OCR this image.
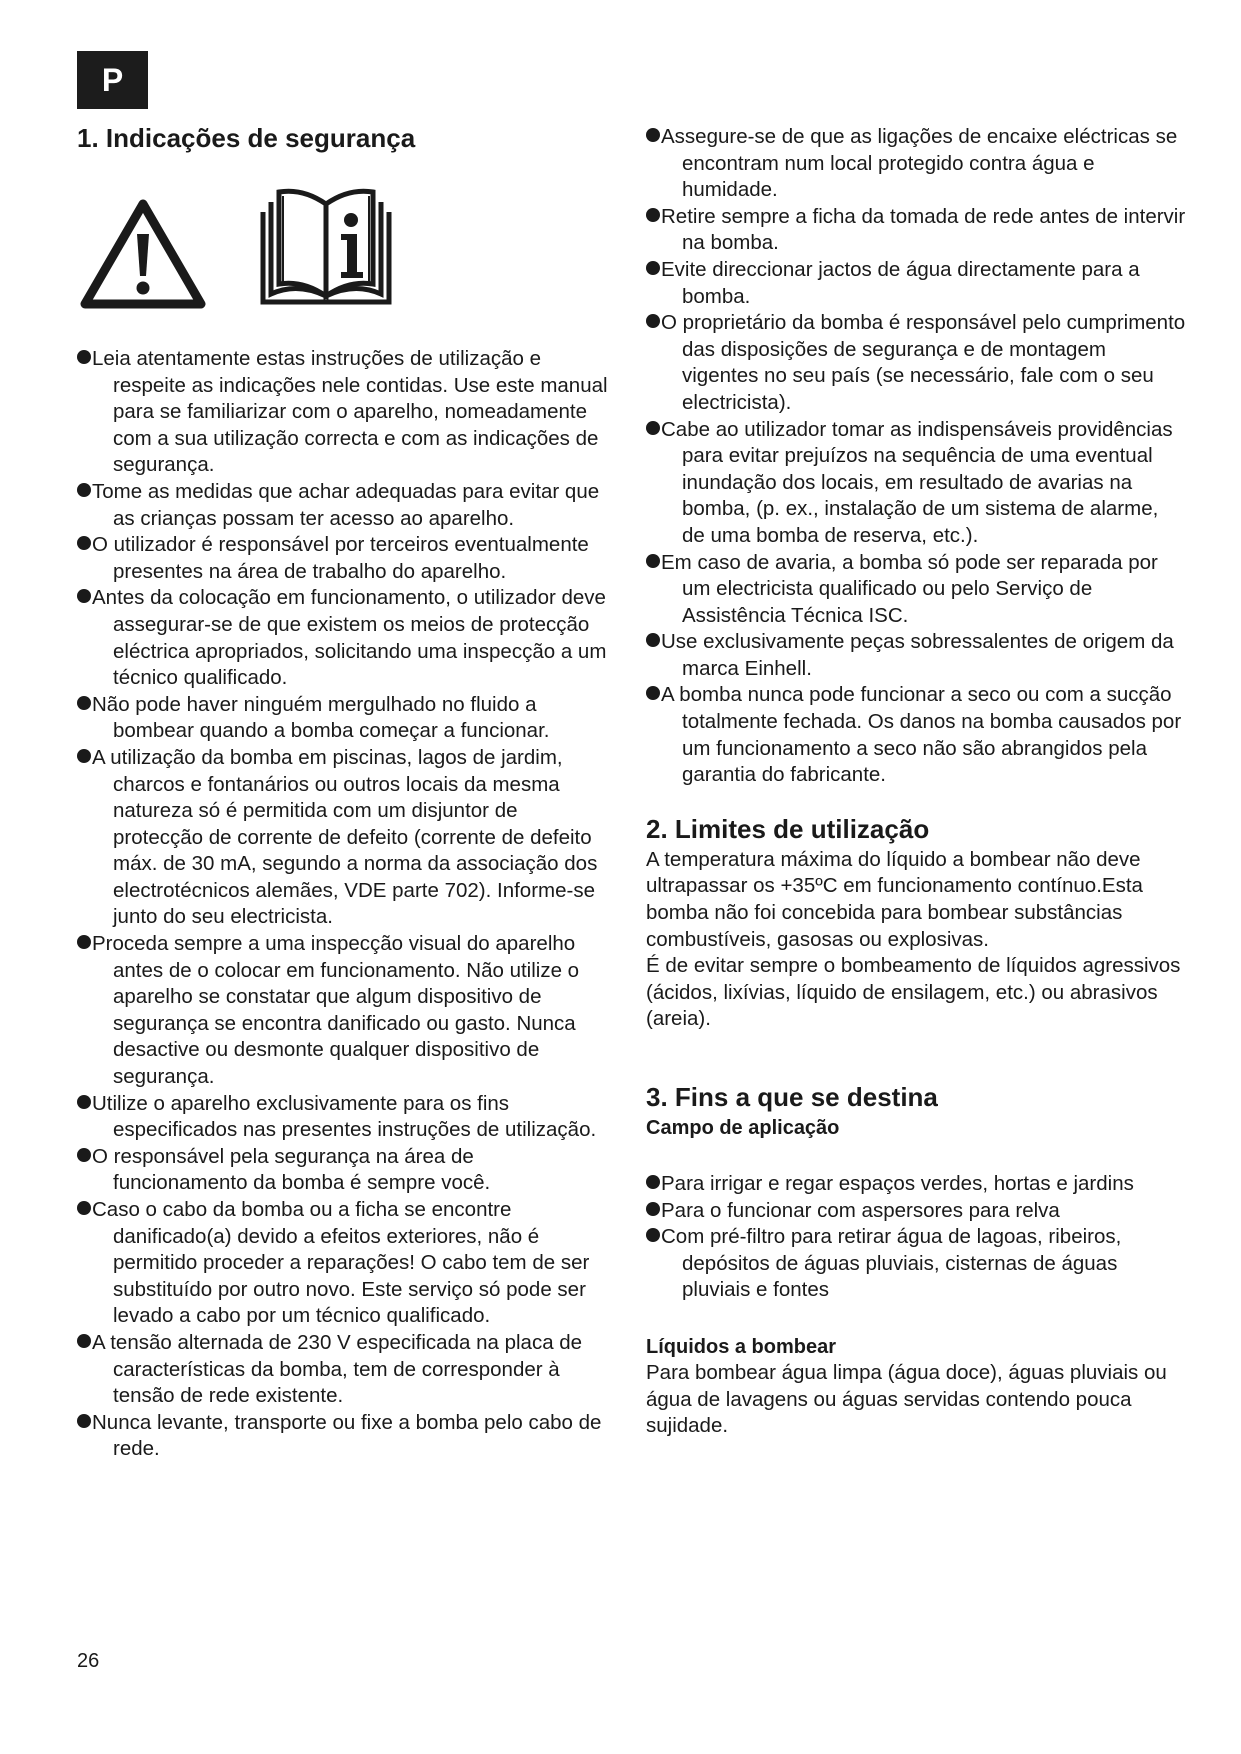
P
1. Indicações de segurança
Leia atentamente estas instruções de utilização e respeite as indicações nele contidas. Use este manual para se familiarizar com o aparelho, nomeadamente com a sua utilização correcta e com as indicações de segurança.
Tome as medidas que achar adequadas para evitar que as crianças possam ter acesso ao aparelho.
O utilizador é responsável por terceiros eventualmente presentes na área de trabalho do aparelho.
Antes da colocação em funcionamento, o utilizador deve assegurar-se de que existem os meios de protecção eléctrica apropriados, solicitando uma inspecção a um técnico qualificado.
Não pode haver ninguém mergulhado no fluido a bombear quando a bomba começar a funcionar.
A utilização da bomba em piscinas, lagos de jardim, charcos e fontanários ou outros locais da mesma natureza só é permitida com um disjuntor de protecção de corrente de defeito (corrente de defeito máx. de 30 mA, segundo a norma da associação dos electrotécnicos alemães, VDE parte 702). Informe-se junto do seu electricista.
Proceda sempre a uma inspecção visual do aparelho antes de o colocar em funcionamento. Não utilize o aparelho se constatar que algum dispositivo de segurança se encontra danificado ou gasto. Nunca desactive ou desmonte qualquer dispositivo de segurança.
Utilize o aparelho exclusivamente para os fins especificados nas presentes instruções de utilização.
O responsável pela segurança na área de funcionamento da bomba é sempre você.
Caso o cabo da bomba ou a ficha se encontre danificado(a) devido a efeitos exteriores, não é permitido proceder a reparações! O cabo tem de ser substituído por outro novo. Este serviço só pode ser levado a cabo por um técnico qualificado.
A tensão alternada de 230 V especificada na placa de características da bomba, tem de corresponder à tensão de rede existente.
Nunca levante, transporte ou fixe a bomba pelo cabo de rede.
Assegure-se de que as ligações de encaixe eléctricas se encontram num local protegido contra água e humidade.
Retire sempre a ficha da tomada de rede antes de intervir na bomba.
Evite direccionar jactos de água directamente para a bomba.
O proprietário da bomba é responsável pelo cumprimento das disposições de segurança e de montagem vigentes no seu país (se necessário, fale com o seu electricista).
Cabe ao utilizador tomar as indispensáveis providências para evitar prejuízos na sequência de uma eventual inundação dos locais, em resultado de avarias na bomba, (p. ex., instalação de um sistema de alarme, de uma bomba de reserva, etc.).
Em caso de avaria, a bomba só pode ser reparada por um electricista qualificado ou pelo Serviço de Assistência Técnica ISC.
Use exclusivamente peças sobressalentes de origem da marca Einhell.
A bomba nunca pode funcionar a seco ou com a sucção totalmente fechada. Os danos na bomba causados por um funcionamento a seco não são abrangidos pela garantia do fabricante.
2. Limites de utilização

A temperatura máxima do líquido a bombear não deve ultrapassar os +35ºC em funcionamento contínuo.Esta bomba não foi concebida para bombear substâncias combustíveis, gasosas ou explosivas.

É de evitar sempre o bombeamento de líquidos agressivos (ácidos, lixívias, líquido de ensilagem, etc.) ou abrasivos (areia).

3. Fins a que se destina
Campo de aplicação
Para irrigar e regar espaços verdes, hortas e jardins
Para o funcionar com aspersores para relva
Com pré-filtro para retirar água de lagoas, ribeiros, depósitos de águas pluviais, cisternas de águas pluviais e fontes
Líquidos a bombear

Para bombear água limpa (água doce), águas pluviais ou água de lavagens ou águas servidas contendo pouca sujidade.

26
